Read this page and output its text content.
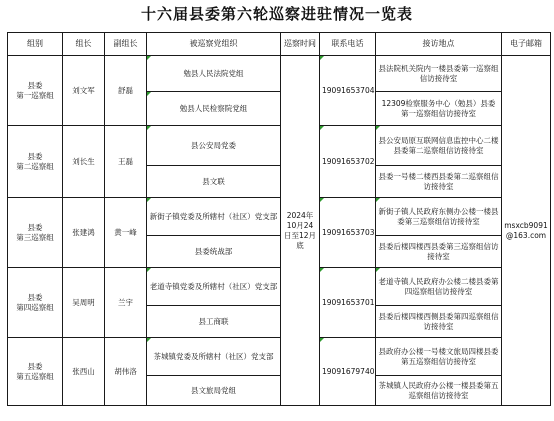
十六届县委第六轮巡察进驻情况一览表
组别	组长	副组长	被巡察党组织	巡察时间	联系电话	接访地点	电子邮箱
县委
第一巡察组	刘文军	舒磊	勉县人民法院党组	2024年10月24日至12月底	19091653704	县法院机关院内一楼县委第一巡察组信访接待室	msxcb9091@163.com
			勉县人民检察院党组			12309检察服务中心（勉县）县委第一巡察组信访接待室	
县委
第二巡察组	刘长生	王磊	县公安局党委		19091653702	县公安局原互联网信息监控中心二楼县委第二巡察组信访接待室	
			县文联			县委一号楼二楼西县委第二巡察组信访接待室	
县委
第三巡察组	张建鸿	黄一峰	新街子镇党委及所辖村（社区）党支部		19091653703	新街子镇人民政府东侧办公楼一楼县委第三巡察组信访接待室	
			县委统战部			县委后楼四楼西县委第三巡察组信访接待室	
县委
第四巡察组	吴周明	兰宇	老道寺镇党委及所辖村（社区）党支部		19091653701	老道寺镇人民政府办公楼二楼县委第四巡察组信访接待室	
			县工商联			县委后楼四楼西侧县委第四巡察组信访接待室	
县委
第五巡察组	张西山	胡伟洛	茶城镇党委及所辖村（社区）党支部		19091679740	县政府办公楼一号楼文旅局四楼县委第五巡察组信访接待室	
			县文旅局党组			茶城镇人民政府办公楼一楼县委第五巡察组信访接待室	
